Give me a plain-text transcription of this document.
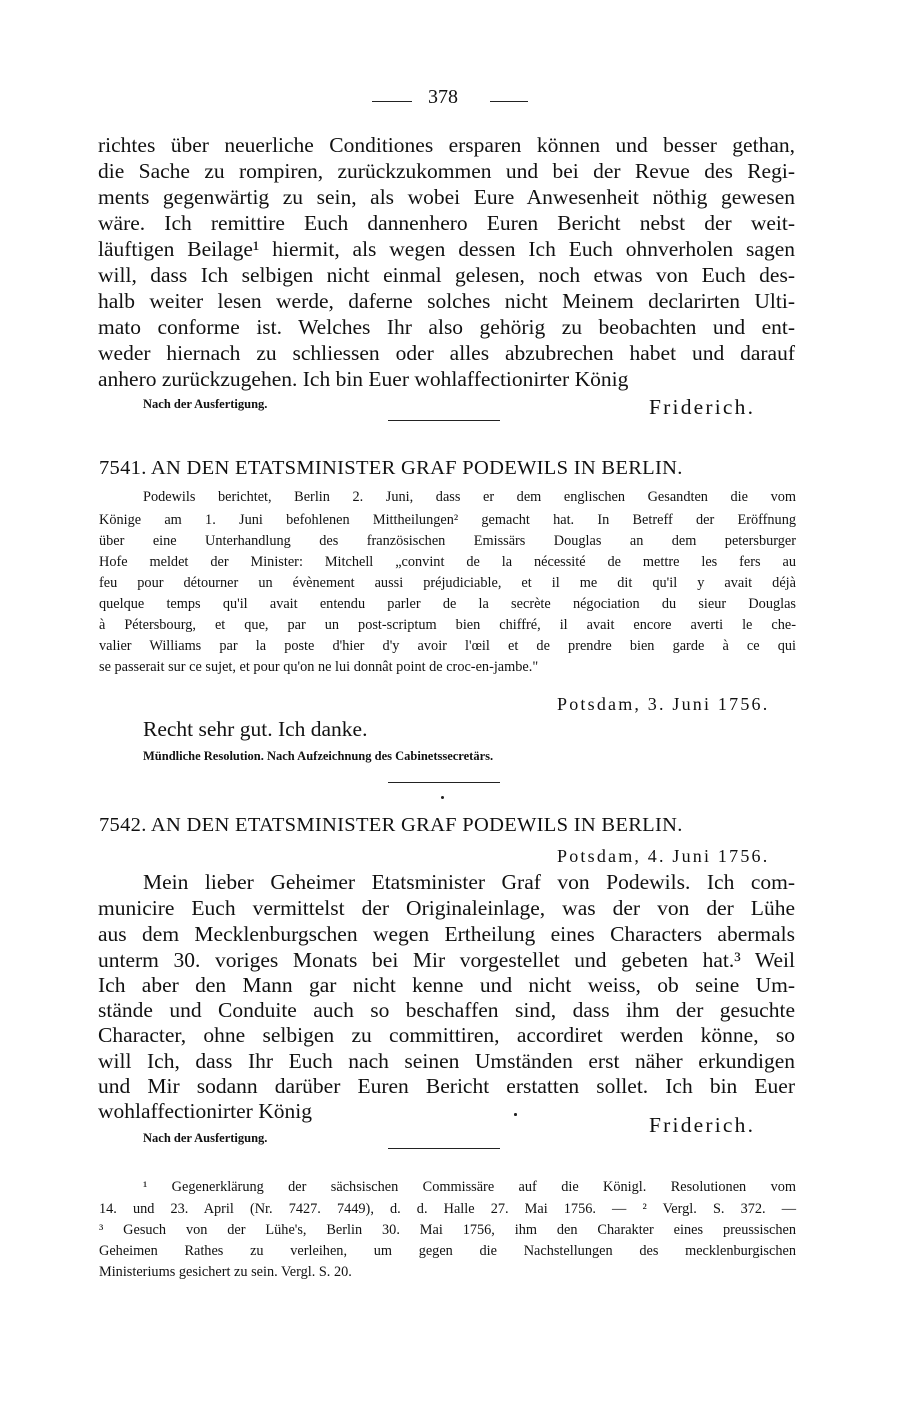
378
richtes über neuerliche Conditiones ersparen können und besser gethan,
die Sache zu rompiren, zurückzukommen und bei der Revue des Regi-
ments gegenwärtig zu sein, als wobei Eure Anwesenheit nöthig gewesen
wäre. Ich remittire Euch dannenhero Euren Bericht nebst der weit-
läuftigen Beilage¹ hiermit, als wegen dessen Ich Euch ohnverholen sagen
will, dass Ich selbigen nicht einmal gelesen, noch etwas von Euch des-
halb weiter lesen werde, daferne solches nicht Meinem declarirten Ulti-
mato conforme ist. Welches Ihr also gehörig zu beobachten und ent-
weder hiernach zu schliessen oder alles abzubrechen habet und darauf
anhero zurückzugehen. Ich bin Euer wohlaffectionirter König
Nach der Ausfertigung.	Friderich.
7541. AN DEN ETATSMINISTER GRAF PODEWILS IN BERLIN.
Podewils berichtet, Berlin 2. Juni, dass er dem englischen Gesandten die vom
Könige am 1. Juni befohlenen Mittheilungen² gemacht hat. In Betreff der Eröffnung
über eine Unterhandlung des französischen Emissärs Douglas an dem petersburger
Hofe meldet der Minister: Mitchell „convint de la nécessité de mettre les fers au
feu pour détourner un évènement aussi préjudiciable, et il me dit qu'il y avait déjà
quelque temps qu'il avait entendu parler de la secrète négociation du sieur Douglas
à Pétersbourg, et que, par un post-scriptum bien chiffré, il avait encore averti le che-
valier Williams par la poste d'hier d'y avoir l'œil et de prendre bien garde à ce qui
se passerait sur ce sujet, et pour qu'on ne lui donnât point de croc-en-jambe."
Potsdam, 3. Juni 1756.
Recht sehr gut. Ich danke.
Mündliche Resolution. Nach Aufzeichnung des Cabinetssecretärs.
7542. AN DEN ETATSMINISTER GRAF PODEWILS IN BERLIN.
Potsdam, 4. Juni 1756.
Mein lieber Geheimer Etatsminister Graf von Podewils. Ich com-
municire Euch vermittelst der Originaleinlage, was der von der Lühe
aus dem Mecklenburgschen wegen Ertheilung eines Characters abermals
unterm 30. voriges Monats bei Mir vorgestellet und gebeten hat.³ Weil
Ich aber den Mann gar nicht kenne und nicht weiss, ob seine Um-
stände und Conduite auch so beschaffen sind, dass ihm der gesuchte
Character, ohne selbigen zu committiren, accordiret werden könne, so
will Ich, dass Ihr Euch nach seinen Umständen erst näher erkundigen
und Mir sodann darüber Euren Bericht erstatten sollet. Ich bin Euer
wohlaffectionirter König
Friderich.
Nach der Ausfertigung.
¹ Gegenerklärung der sächsischen Commissäre auf die Königl. Resolutionen vom
14. und 23. April (Nr. 7427. 7449), d. d. Halle 27. Mai 1756. — ² Vergl. S. 372. —
³ Gesuch von der Lühe's, Berlin 30. Mai 1756, ihm den Charakter eines preussischen
Geheimen Rathes zu verleihen, um gegen die Nachstellungen des mecklenburgischen
Ministeriums gesichert zu sein. Vergl. S. 20.
